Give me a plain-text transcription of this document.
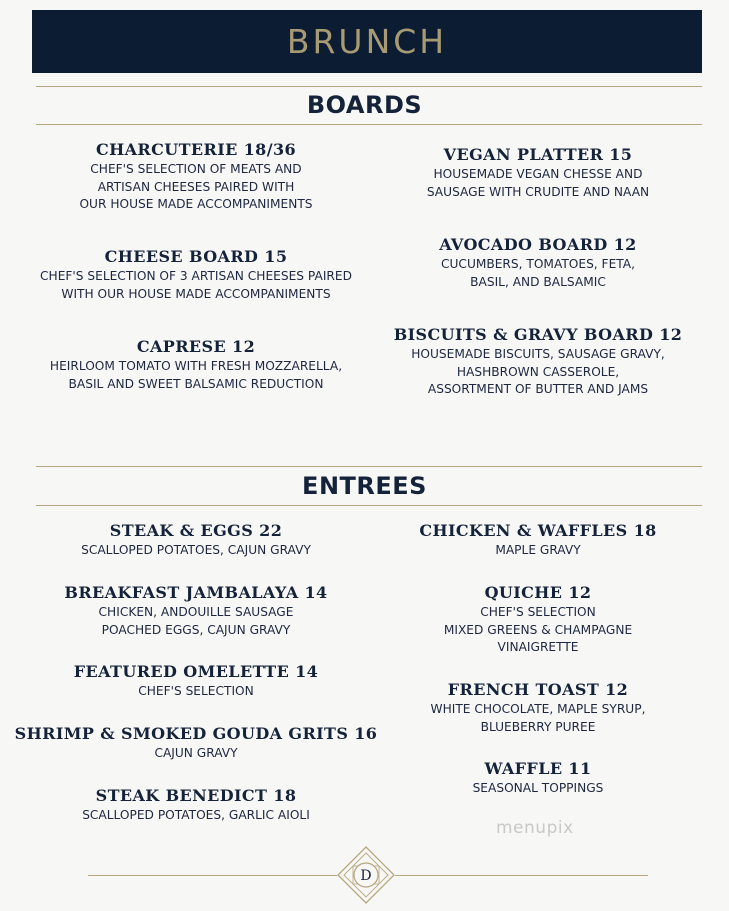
BRUNCH
BOARDS
CHARCUTERIE 18/36
CHEF'S SELECTION OF MEATS AND
ARTISAN CHEESES PAIRED WITH
OUR HOUSE MADE ACCOMPANIMENTS
VEGAN PLATTER 15
HOUSEMADE VEGAN CHESSE AND
SAUSAGE WITH CRUDITE AND NAAN
CHEESE BOARD 15
CHEF'S SELECTION OF 3 ARTISAN CHEESES PAIRED
WITH OUR HOUSE MADE ACCOMPANIMENTS
AVOCADO BOARD 12
CUCUMBERS, TOMATOES, FETA,
BASIL, AND BALSAMIC
CAPRESE 12
HEIRLOOM TOMATO WITH FRESH MOZZARELLA,
BASIL AND SWEET BALSAMIC REDUCTION
BISCUITS & GRAVY BOARD 12
HOUSEMADE BISCUITS, SAUSAGE GRAVY,
HASHBROWN CASSEROLE,
ASSORTMENT OF BUTTER AND JAMS
ENTREES
STEAK & EGGS 22
SCALLOPED POTATOES, CAJUN GRAVY
CHICKEN & WAFFLES 18
MAPLE GRAVY
BREAKFAST JAMBALAYA 14
CHICKEN, ANDOUILLE SAUSAGE
POACHED EGGS, CAJUN GRAVY
QUICHE 12
CHEF'S SELECTION
MIXED GREENS & CHAMPAGNE
VINAIGRETTE
FEATURED OMELETTE 14
CHEF'S SELECTION	FRENCH TOAST 12
WHITE CHOCOLATE, MAPLE SYRUP,
BLUEBERRY PUREE
SHRIMP & SMOKED GOUDA GRITS 16
CAJUN GRAVY
WAFFLE 11
SEASONAL TOPPINGS
STEAK BENEDICT 18
SCALLOPED POTATOES, GARLIC AIOLI
menupix
D
